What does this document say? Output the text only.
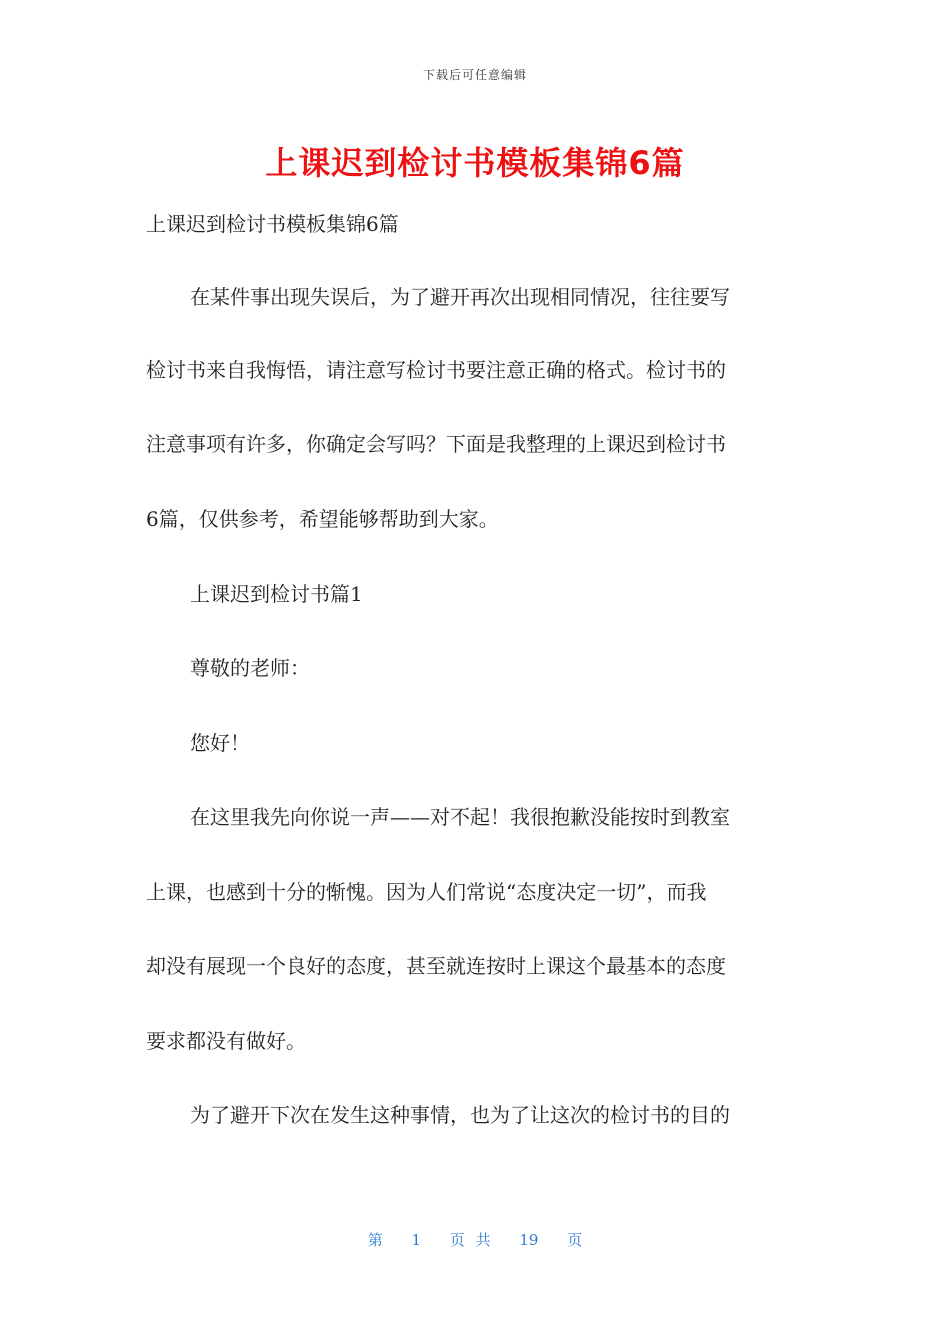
下载后可任意编辑
上课迟到检讨书模板集锦6篇
上课迟到检讨书模板集锦6篇
在某件事出现失误后，为了避开再次出现相同情况，往往要写
检讨书来自我悔悟，请注意写检讨书要注意正确的格式。检讨书的
注意事项有许多，你确定会写吗？下面是我整理的上课迟到检讨书
6篇，仅供参考，希望能够帮助到大家。
上课迟到检讨书篇1
尊敬的老师：
您好！
在这里我先向你说一声——对不起！我很抱歉没能按时到教室
上课，也感到十分的惭愧。因为人们常说“态度决定一切”，而我
却没有展现一个良好的态度，甚至就连按时上课这个最基本的态度
要求都没有做好。
为了避开下次在发生这种事情，也为了让这次的检讨书的目的
第 1 页 共 19 页
